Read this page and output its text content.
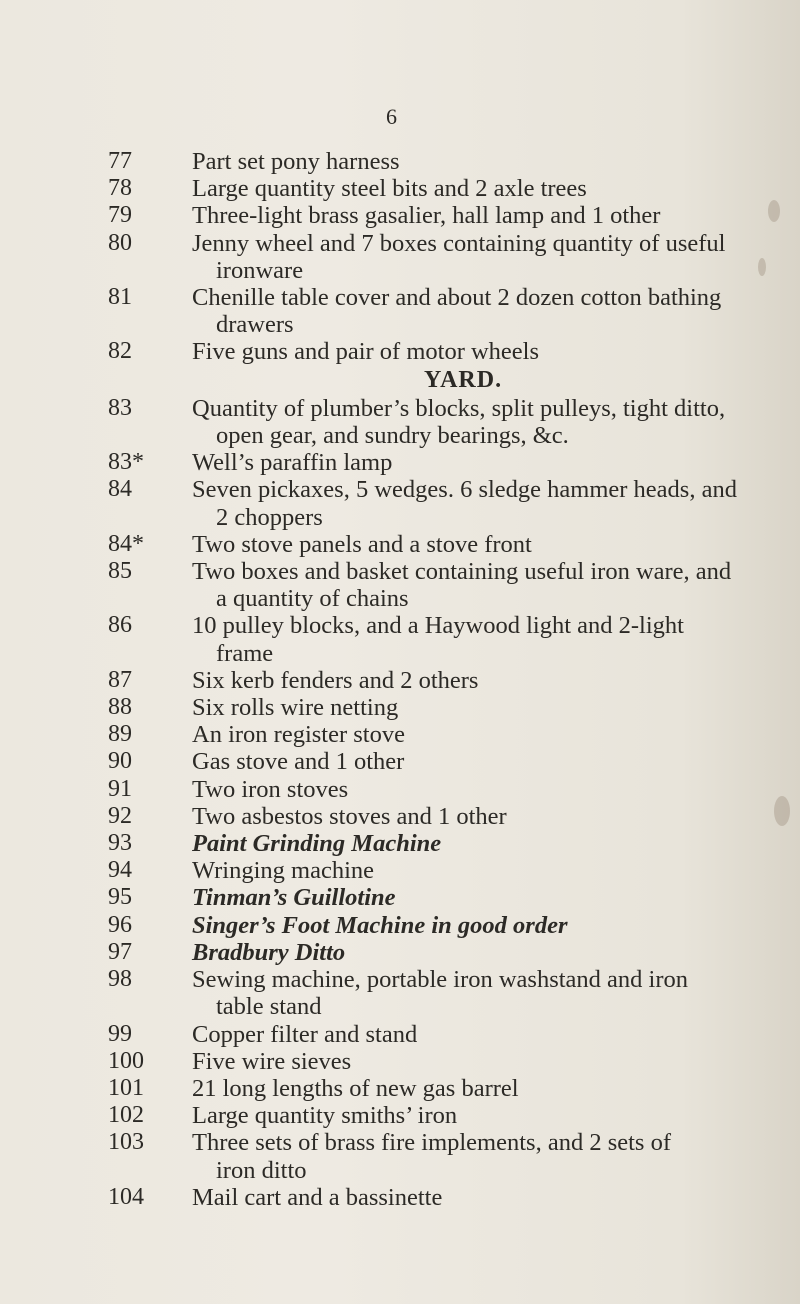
6
77	Part set pony harness
78	Large quantity steel bits and 2 axle trees
79	Three-light brass gasalier, hall lamp and 1 other
80	Jenny wheel and 7 boxes containing quantity of useful
ironware
81	Chenille table cover and about 2 dozen cotton bathing
drawers
82	Five guns and pair of motor wheels
YARD.
83	Quantity of plumber’s blocks, split pulleys, tight ditto,
open gear, and sundry bearings, &c.
83*	Well’s paraffin lamp
84	Seven pickaxes, 5 wedges. 6 sledge hammer heads, and
2 choppers
84*	Two stove panels and a stove front
85	Two boxes and basket containing useful iron ware, and
a quantity of chains
86	10 pulley blocks, and a Haywood light and 2-light
frame
87	Six kerb fenders and 2 others
88	Six rolls wire netting
89	An iron register stove
90	Gas stove and 1 other
91	Two iron stoves
92	Two asbestos stoves and 1 other
93	Paint Grinding Machine
94	Wringing machine
95	Tinman’s Guillotine
96	Singer’s Foot Machine in good order
97	Bradbury Ditto
98	Sewing machine, portable iron washstand and iron
table stand
99	Copper filter and stand
100	Five wire sieves
101	21 long lengths of new gas barrel
102	Large quantity smiths’ iron
103	Three sets of brass fire implements, and 2 sets of
iron ditto
104	Mail cart and a bassinette
